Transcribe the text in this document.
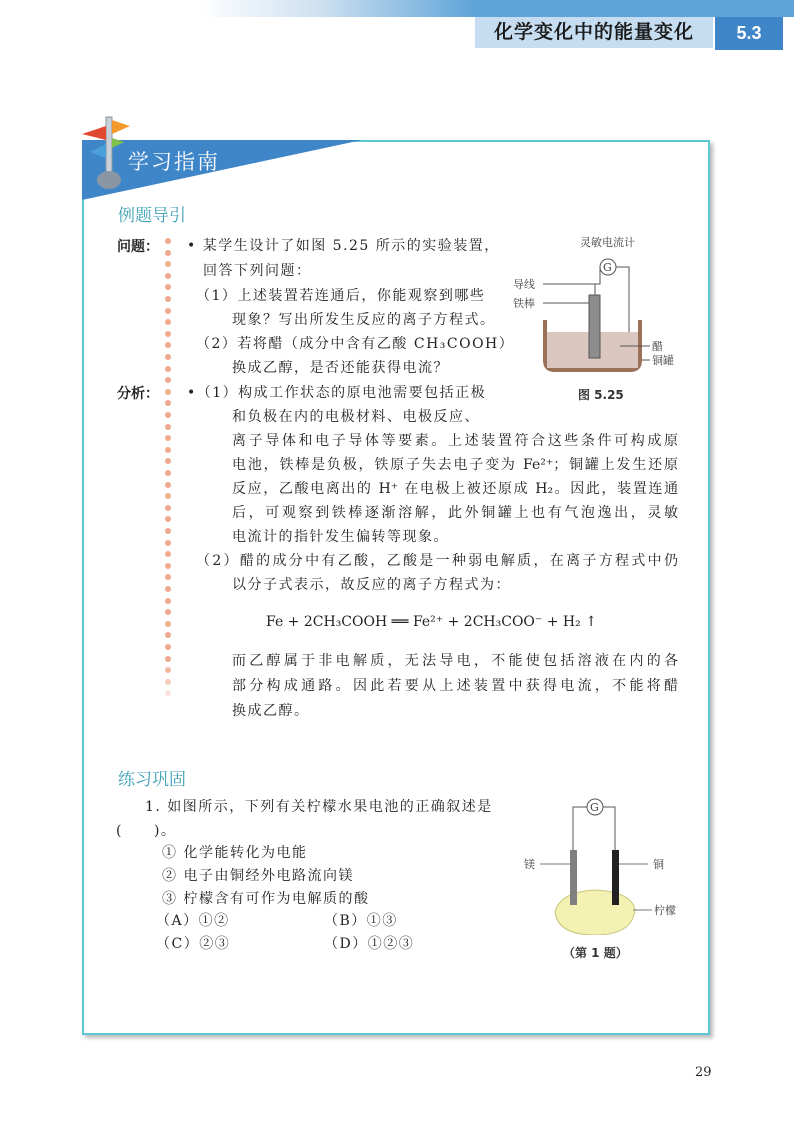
化学变化中的能量变化	5.3
学习指南
例题导引
问题：
分析：
• 某学生设计了如图 5.25 所示的实验装置，
回答下列问题：
（1）上述装置若连通后，你能观察到哪些
现象？写出所发生反应的离子方程式。
（2）若将醋（成分中含有乙酸 CH₃COOH）
换成乙醇，是否还能获得电流？
•（1）构成工作状态的原电池需要包括正极
和负极在内的电极材料、电极反应、
离子导体和电子导体等要素。上述装置符合这些条件可构成原
电池，铁棒是负极，铁原子失去电子变为 Fe²⁺；铜罐上发生还原
反应，乙酸电离出的 H⁺ 在电极上被还原成 H₂。因此，装置连通
后，可观察到铁棒逐渐溶解，此外铜罐上也有气泡逸出，灵敏
电流计的指针发生偏转等现象。
（2）醋的成分中有乙酸，乙酸是一种弱电解质，在离子方程式中仍
以分子式表示，故反应的离子方程式为：
Fe + 2CH₃COOH ══ Fe²⁺ + 2CH₃COO⁻ + H₂ ↑
而乙醇属于非电解质，无法导电，不能使包括溶液在内的各
部分构成通路。因此若要从上述装置中获得电流，不能将醋
换成乙醇。
灵敏电流计
G
导线
铁棒
醋
铜罐
图 5.25
练习巩固
1. 如图所示，下列有关柠檬水果电池的正确叙述是
(　　)。
① 化学能转化为电能
② 电子由铜经外电路流向镁
③ 柠檬含有可作为电解质的酸
（A）①②	（B）①③
（C）②③	（D）①②③
G
镁	铜
柠檬
（第 1 题）
29
